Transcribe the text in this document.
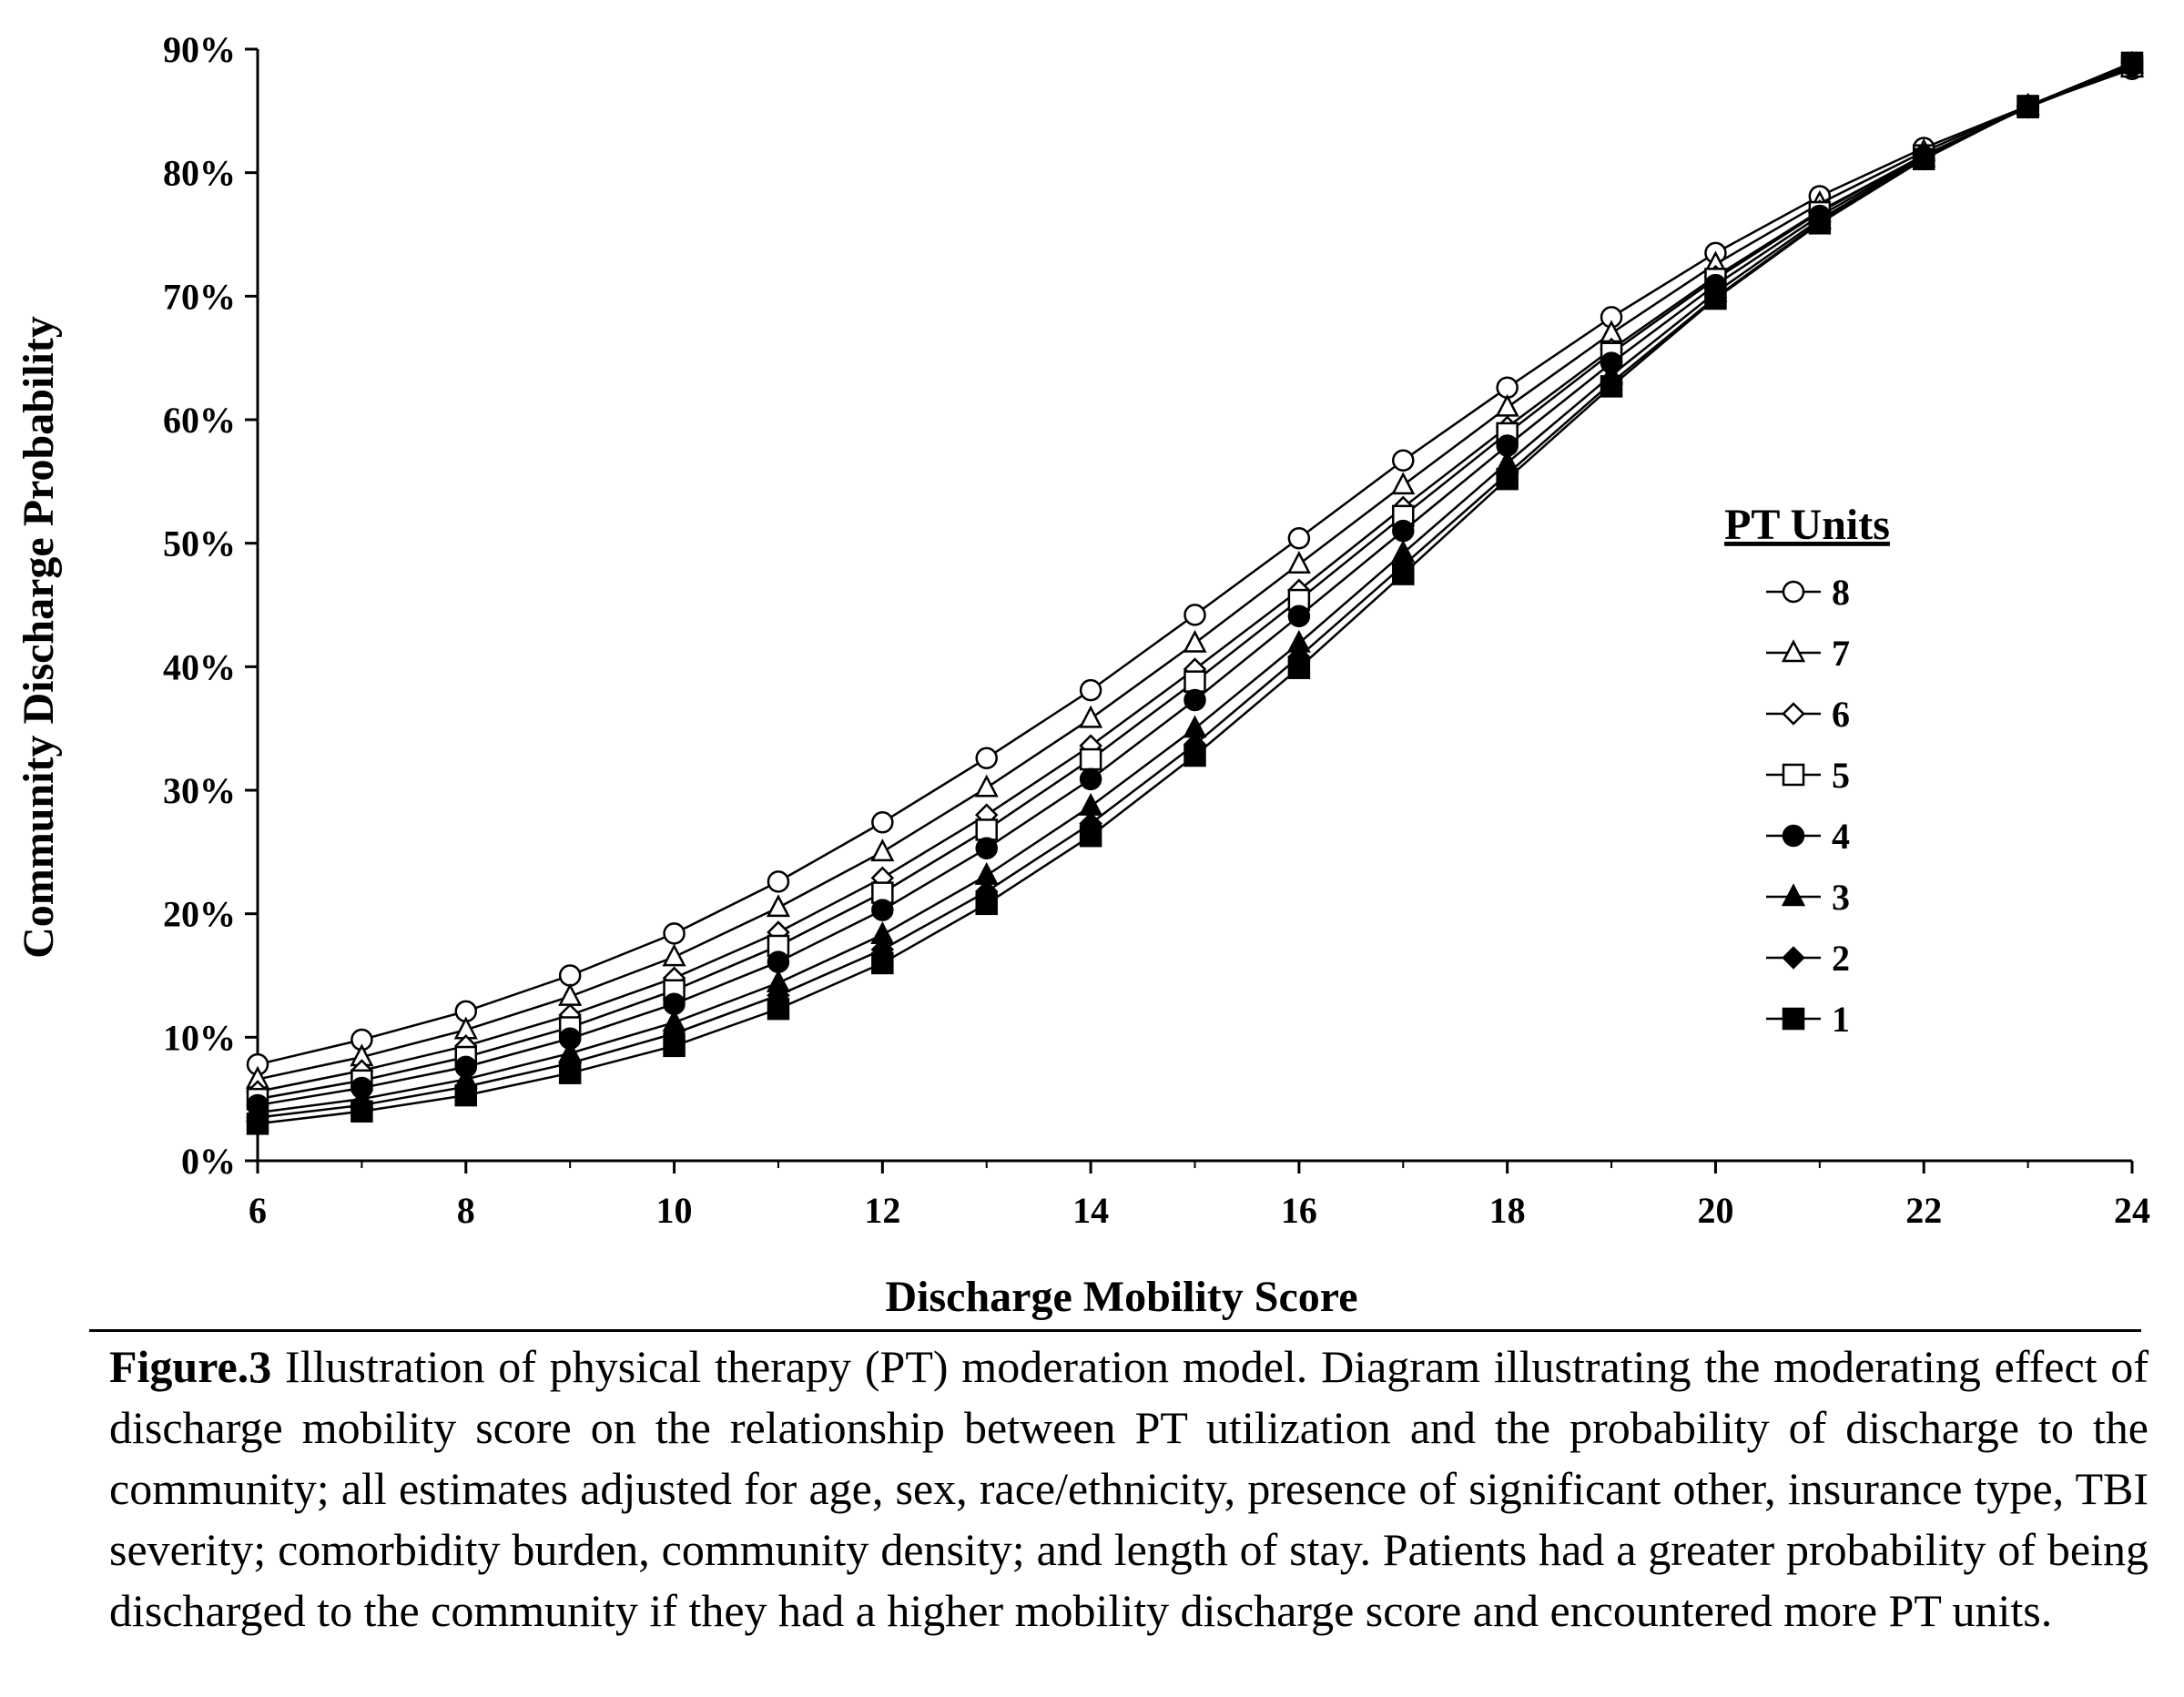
0%
10%
20%
30%
40%
50%
60%
70%
80%
90%
6	8	10	12	14	16	18	20	22	24
Community Discharge Probability
Discharge Mobility Score
PT Units
8
7
6
5
4
3
2
1
Figure.3 Illustration of physical therapy (PT) moderation model. Diagram illustrating the moderating effect of discharge mobility score on the relationship between PT utilization and the probability of discharge to the community; all estimates adjusted for age, sex, race/ethnicity, presence of significant other, insurance type, TBI severity; comorbidity burden, community density; and length of stay. Patients had a greater probability of being discharged to the community if they had a higher mobility discharge score and encountered more PT units.
